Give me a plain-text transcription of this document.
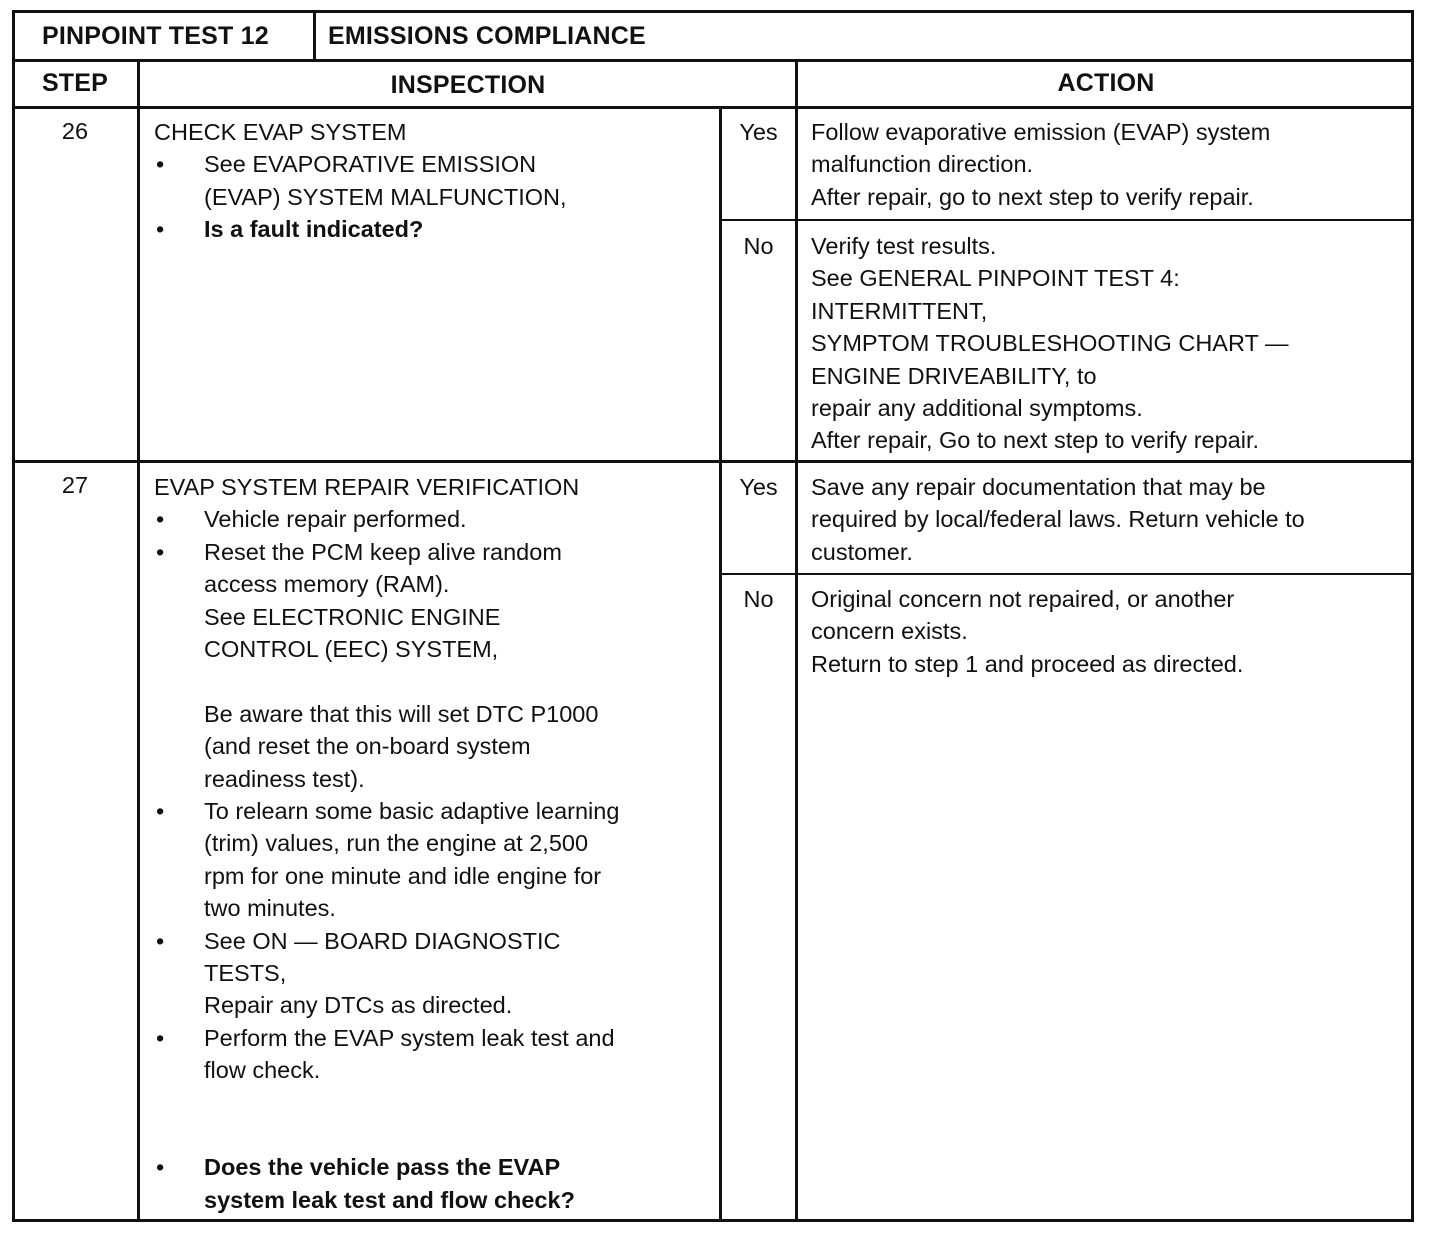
PINPOINT TEST 12 EMISSIONS COMPLIANCE
STEP	INSPECTION	ACTION
26	CHECK EVAP SYSTEM
•	See EVAPORATIVE EMISSION
(EVAP) SYSTEM MALFUNCTION,
•	Is a fault indicated?
Yes	Follow evaporative emission (EVAP) system
malfunction direction.
After repair, go to next step to verify repair.
No	Verify test results.
See GENERAL PINPOINT TEST 4:
INTERMITTENT,
SYMPTOM TROUBLESHOOTING CHART —
ENGINE DRIVEABILITY, to
repair any additional symptoms.
After repair, Go to next step to verify repair.
27	EVAP SYSTEM REPAIR VERIFICATION
•	Vehicle repair performed.
•	Reset the PCM keep alive random
access memory (RAM).
See ELECTRONIC ENGINE
CONTROL (EEC) SYSTEM,
Be aware that this will set DTC P1000
(and reset the on-board system
readiness test).
•	To relearn some basic adaptive learning
(trim) values, run the engine at 2,500
rpm for one minute and idle engine for
two minutes.
•	See ON — BOARD DIAGNOSTIC
TESTS,
Repair any DTCs as directed.
•	Perform the EVAP system leak test and
flow check.
•	Does the vehicle pass the EVAP
system leak test and flow check?
Yes	Save any repair documentation that may be
required by local/federal laws. Return vehicle to
customer.
No	Original concern not repaired, or another
concern exists.
Return to step 1 and proceed as directed.
